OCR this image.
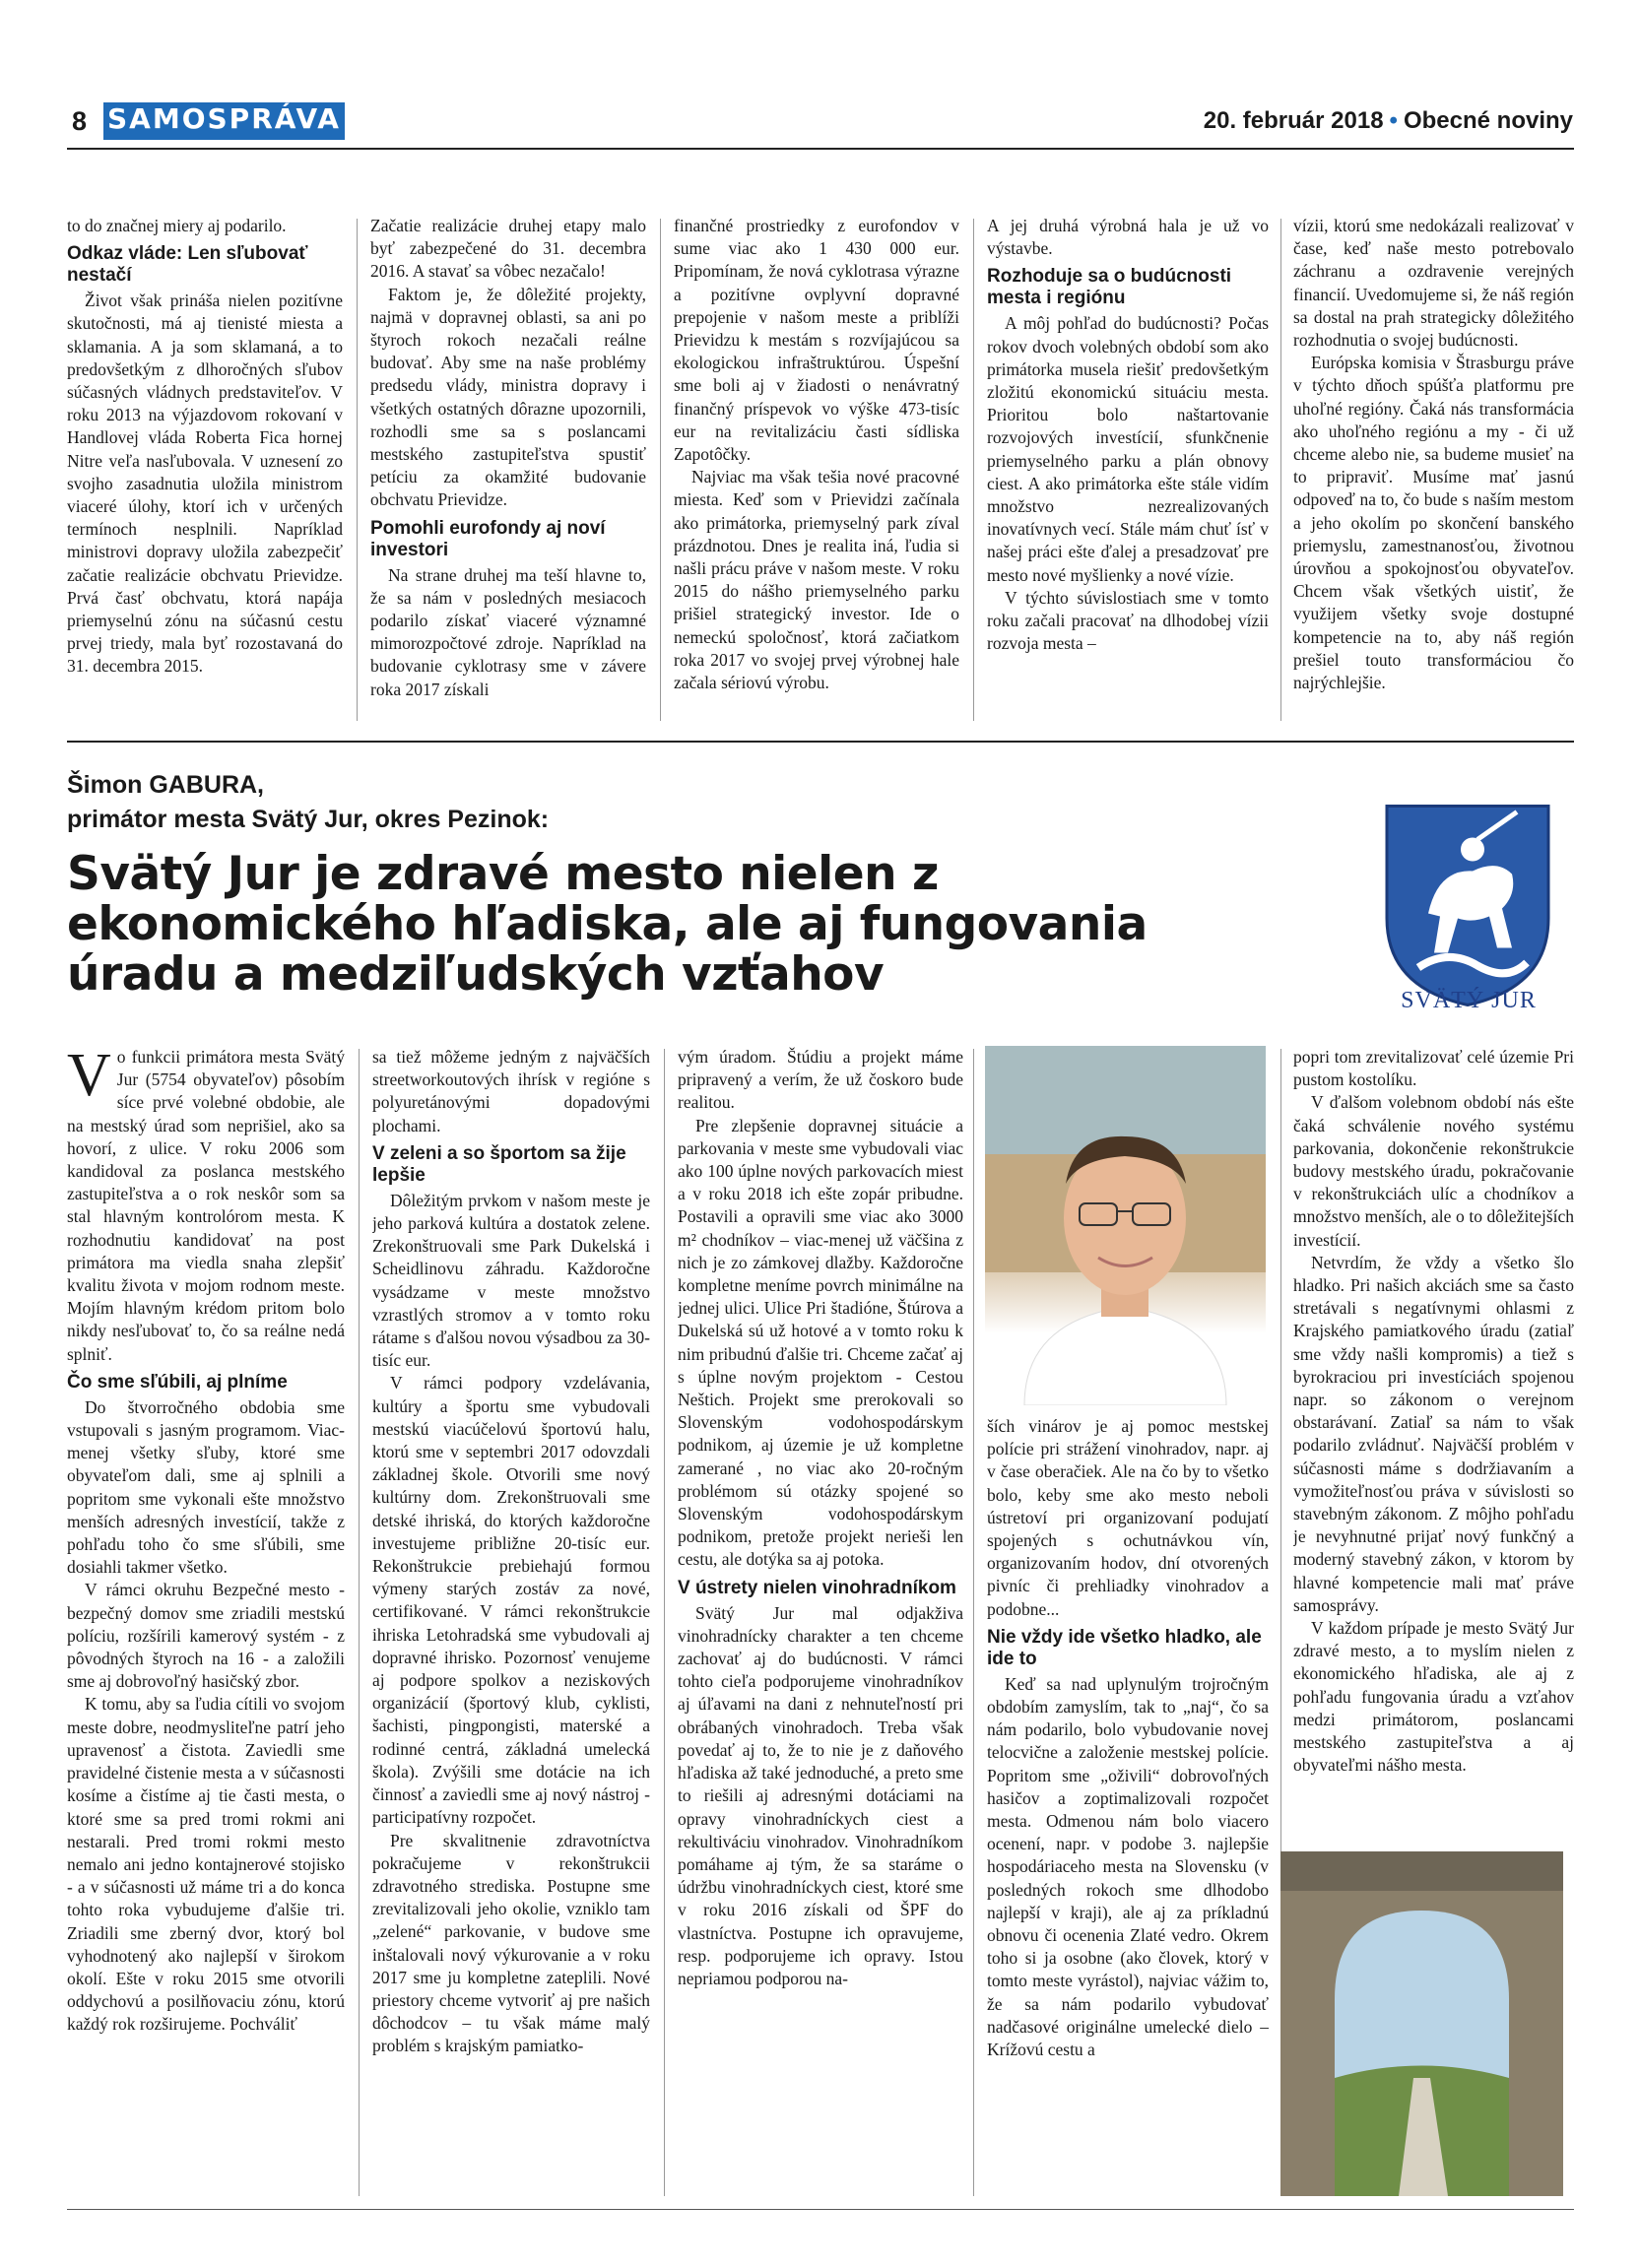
8 SAMOSPRÁVA	20. február 2018 • Obecné noviny

to do značnej miery aj podarilo.

Odkaz vláde: Len sľubovať nestačí

Život však prináša nielen pozitívne skutočnosti, má aj tienisté miesta a sklamania. A ja som sklamaná, a to predovšetkým z dlhoročných sľubov súčasných vládnych predstaviteľov. V roku 2013 na výjazdovom rokovaní v Handlovej vláda Roberta Fica hornej Nitre veľa nasľubovala. V uznesení zo svojho zasadnutia uložila ministrom viaceré úlohy, ktorí ich v určených termínoch nesplnili. Napríklad ministrovi dopravy uložila zabezpečiť začatie realizácie obchvatu Prievidze. Prvá časť obchvatu, ktorá napája priemyselnú zónu na súčasnú cestu prvej triedy, mala byť rozostavaná do 31. decembra 2015.

Začatie realizácie druhej etapy malo byť zabezpečené do 31. decembra 2016. A stavať sa vôbec nezačalo!

Faktom je, že dôležité projekty, najmä v dopravnej oblasti, sa ani po štyroch rokoch nezačali reálne budovať. Aby sme na naše problémy predsedu vlády, ministra dopravy i všetkých ostatných dôrazne upozornili, rozhodli sme sa s poslancami mestského zastupiteľstva spustiť petíciu za okamžité budovanie obchvatu Prievidze.

Pomohli eurofondy aj noví investori

Na strane druhej ma teší hlavne to, že sa nám v posledných mesiacoch podarilo získať viaceré významné mimorozpočtové zdroje. Napríklad na budovanie cyklotrasy sme v závere roka 2017 získali

finančné prostriedky z eurofondov v sume viac ako 1 430 000 eur. Pripomínam, že nová cyklotrasa výrazne a pozitívne ovplyvní dopravné prepojenie v našom meste a priblíži Prievidzu k mestám s rozvíjajúcou sa ekologickou infraštruktúrou. Úspešní sme boli aj v žiadosti o nenávratný finančný príspevok vo výške 473-tisíc eur na revitalizáciu časti sídliska Zapotôčky.

Najviac ma však tešia nové pracovné miesta. Keď som v Prievidzi začínala ako primátorka, priemyselný park zíval prázdnotou. Dnes je realita iná, ľudia si našli prácu práve v našom meste. V roku 2015 do nášho priemyselného parku prišiel strategický investor. Ide o nemeckú spoločnosť, ktorá začiatkom roka 2017 vo svojej prvej výrobnej hale začala sériovú výrobu.

A jej druhá výrobná hala je už vo výstavbe.

Rozhoduje sa o budúcnosti mesta i regiónu

A môj pohľad do budúcnosti? Počas rokov dvoch volebných období som ako primátorka musela riešiť predovšetkým zložitú ekonomickú situáciu mesta. Prioritou bolo naštartovanie rozvojových investícií, sfunkčnenie priemyselného parku a plán obnovy ciest. A ako primátorka ešte stále vidím množstvo nezrealizovaných inovatívnych vecí. Stále mám chuť ísť v našej práci ešte ďalej a presadzovať pre mesto nové myšlienky a nové vízie.

V týchto súvislostiach sme v tomto roku začali pracovať na dlhodobej vízii rozvoja mesta –

vízii, ktorú sme nedokázali realizovať v čase, keď naše mesto potrebovalo záchranu a ozdravenie verejných financií. Uvedomujeme si, že náš región sa dostal na prah strategicky dôležitého rozhodnutia o svojej budúcnosti.

Európska komisia v Štrasburgu práve v týchto dňoch spúšťa platformu pre uhoľné regióny. Čaká nás transformácia ako uhoľného regiónu a my - či už chceme alebo nie, sa budeme musieť na to pripraviť. Musíme mať jasnú odpoveď na to, čo bude s naším mestom a jeho okolím po skončení banského priemyslu, zamestnanosťou, životnou úrovňou a spokojnosťou obyvateľov. Chcem však všetkých uistiť, že využijem všetky svoje dostupné kompetencie na to, aby náš región prešiel touto transformáciou čo najrýchlejšie.

Šimon GABURA,
primátor mesta Svätý Jur, okres Pezinok:
Svätý Jur je zdravé mesto nielen z ekonomického hľadiska, ale aj fungovania úradu a medziľudských vzťahov	SVÄTÝ JUR

Vo funkcii primátora mesta Svätý Jur (5754 obyvateľov) pôsobím síce prvé volebné obdobie, ale na mestský úrad som neprišiel, ako sa hovorí, z ulice. V roku 2006 som kandidoval za poslanca mestského zastupiteľstva a o rok neskôr som sa stal hlavným kontrolórom mesta. K rozhodnutiu kandidovať na post primátora ma viedla snaha zlepšiť kvalitu života v mojom rodnom meste. Mojím hlavným krédom pritom bolo nikdy nesľubovať to, čo sa reálne nedá splniť.

Čo sme sľúbili, aj plníme

Do štvorročného obdobia sme vstupovali s jasným programom. Viac-menej všetky sľuby, ktoré sme obyvateľom dali, sme aj splnili a popritom sme vykonali ešte množstvo menších adresných investícií, takže z pohľadu toho čo sme sľúbili, sme dosiahli takmer všetko.

V rámci okruhu Bezpečné mesto - bezpečný domov sme zriadili mestskú políciu, rozšírili kamerový systém - z pôvodných štyroch na 16 - a založili sme aj dobrovoľný hasičský zbor.

K tomu, aby sa ľudia cítili vo svojom meste dobre, neodmysliteľne patrí jeho upravenosť a čistota. Zaviedli sme pravidelné čistenie mesta a v súčasnosti kosíme a čistíme aj tie časti mesta, o ktoré sme sa pred tromi rokmi ani nestarali. Pred tromi rokmi mesto nemalo ani jedno kontajnerové stojisko - a v súčasnosti už máme tri a do konca tohto roka vybudujeme ďalšie tri. Zriadili sme zberný dvor, ktorý bol vyhodnotený ako najlepší v širokom okolí. Ešte v roku 2015 sme otvorili oddychovú a posilňovaciu zónu, ktorú každý rok rozširujeme. Pochváliť

sa tiež môžeme jedným z najväčších streetworkoutových ihrísk v regióne s polyuretánovými dopadovými plochami.

V zeleni a so športom sa žije lepšie

Dôležitým prvkom v našom meste je jeho parková kultúra a dostatok zelene. Zrekonštruovali sme Park Dukelská i Scheidlinovu záhradu. Každoročne vysádzame v meste množstvo vzrastlých stromov a v tomto roku rátame s ďalšou novou výsadbou za 30-tisíc eur.

V rámci podpory vzdelávania, kultúry a športu sme vybudovali mestskú viacúčelovú športovú halu, ktorú sme v septembri 2017 odovzdali základnej škole. Otvorili sme nový kultúrny dom. Zrekonštruovali sme detské ihriská, do ktorých každoročne investujeme približne 20-tisíc eur. Rekonštrukcie prebiehajú formou výmeny starých zostáv za nové, certifikované. V rámci rekonštrukcie ihriska Letohradská sme vybudovali aj dopravné ihrisko. Pozornosť venujeme aj podpore spolkov a neziskových organizácií (športový klub, cyklisti, šachisti, pingpongisti, materské a rodinné centrá, základná umelecká škola). Zvýšili sme dotácie na ich činnosť a zaviedli sme aj nový nástroj - participatívny rozpočet.

Pre skvalitnenie zdravotníctva pokračujeme v rekonštrukcii zdravotného strediska. Postupne sme zrevitalizovali jeho okolie, vzniklo tam „zelené“ parkovanie, v budove sme inštalovali nový výkurovanie a v roku 2017 sme ju kompletne zateplili. Nové priestory chceme vytvoriť aj pre našich dôchodcov – tu však máme malý problém s krajským pamiatko-

vým úradom. Štúdiu a projekt máme pripravený a verím, že už čoskoro bude realitou.

Pre zlepšenie dopravnej situácie a parkovania v meste sme vybudovali viac ako 100 úplne nových parkovacích miest a v roku 2018 ich ešte zopár pribudne. Postavili a opravili sme viac ako 3000 m² chodníkov – viac-menej už väčšina z nich je zo zámkovej dlažby. Každoročne kompletne meníme povrch minimálne na jednej ulici. Ulice Pri štadióne, Štúrova a Dukelská sú už hotové a v tomto roku k nim pribudnú ďalšie tri. Chceme začať aj s úplne novým projektom - Cestou Neštich. Projekt sme prerokovali so Slovenským vodohospodárskym podnikom, aj územie je už kompletne zamerané , no viac ako 20-ročným problémom sú otázky spojené so Slovenským vodohospodárskym podnikom, pretože projekt nerieši len cestu, ale dotýka sa aj potoka.

V ústrety nielen vinohradníkom

Svätý Jur mal odjakživa vinohradnícky charakter a ten chceme zachovať aj do budúcnosti. V rámci tohto cieľa podporujeme vinohradníkov aj úľavami na dani z nehnuteľností pri obrábaných vinohradoch. Treba však povedať aj to, že to nie je z daňového hľadiska až také jednoduché, a preto sme to riešili aj adresnými dotáciami na opravy vinohradníckych ciest a rekultiváciu vinohradov. Vinohradníkom pomáhame aj tým, že sa staráme o údržbu vinohradníckych ciest, ktoré sme v roku 2016 získali od ŠPF do vlastníctva. Postupne ich opravujeme, resp. podporujeme ich opravy. Istou nepriamou podporou na-

ších vinárov je aj pomoc mestskej polície pri strážení vinohradov, napr. aj v čase oberačiek. Ale na čo by to všetko bolo, keby sme ako mesto neboli ústretoví pri organizovaní podujatí spojených s ochutnávkou vín, organizovaním hodov, dní otvorených pivníc či prehliadky vinohradov a podobne...

Nie vždy ide všetko hladko, ale ide to

Keď sa nad uplynulým trojročným obdobím zamyslím, tak to „naj“, čo sa nám podarilo, bolo vybudovanie novej telocvične a založenie mestskej polície. Popritom sme „oživili“ dobrovoľných hasičov a zoptimalizovali rozpočet mesta. Odmenou nám bolo viacero ocenení, napr. v podobe 3. najlepšie hospodáriaceho mesta na Slovensku (v posledných rokoch sme dlhodobo najlepší v kraji), ale aj za príkladnú obnovu či ocenenia Zlaté vedro. Okrem toho si ja osobne (ako človek, ktorý v tomto meste vyrástol), najviac vážim to, že sa nám podarilo vybudovať nadčasové originálne umelecké dielo – Krížovú cestu a

popri tom zrevitalizovať celé územie Pri pustom kostolíku.

V ďalšom volebnom období nás ešte čaká schválenie nového systému parkovania, dokončenie rekonštrukcie budovy mestského úradu, pokračovanie v rekonštrukciách ulíc a chodníkov a množstvo menších, ale o to dôležitejších investícií.

Netvrdím, že vždy a všetko šlo hladko. Pri našich akciách sme sa často stretávali s negatívnymi ohlasmi z Krajského pamiatkového úradu (zatiaľ sme vždy našli kompromis) a tiež s byrokraciou pri investíciách spojenou napr. so zákonom o verejnom obstarávaní. Zatiaľ sa nám to však podarilo zvládnuť. Najväčší problém v súčasnosti máme s dodržiavaním a vymožiteľnosťou práva v súvislosti so stavebným zákonom. Z môjho pohľadu je nevyhnutné prijať nový funkčný a moderný stavebný zákon, v ktorom by hlavné kompetencie mali mať práve samosprávy.

V každom prípade je mesto Svätý Jur zdravé mesto, a to myslím nielen z ekonomického hľadiska, ale aj z pohľadu fungovania úradu a vzťahov medzi primátorom, poslancami mestského zastupiteľstva a aj obyvateľmi nášho mesta.
